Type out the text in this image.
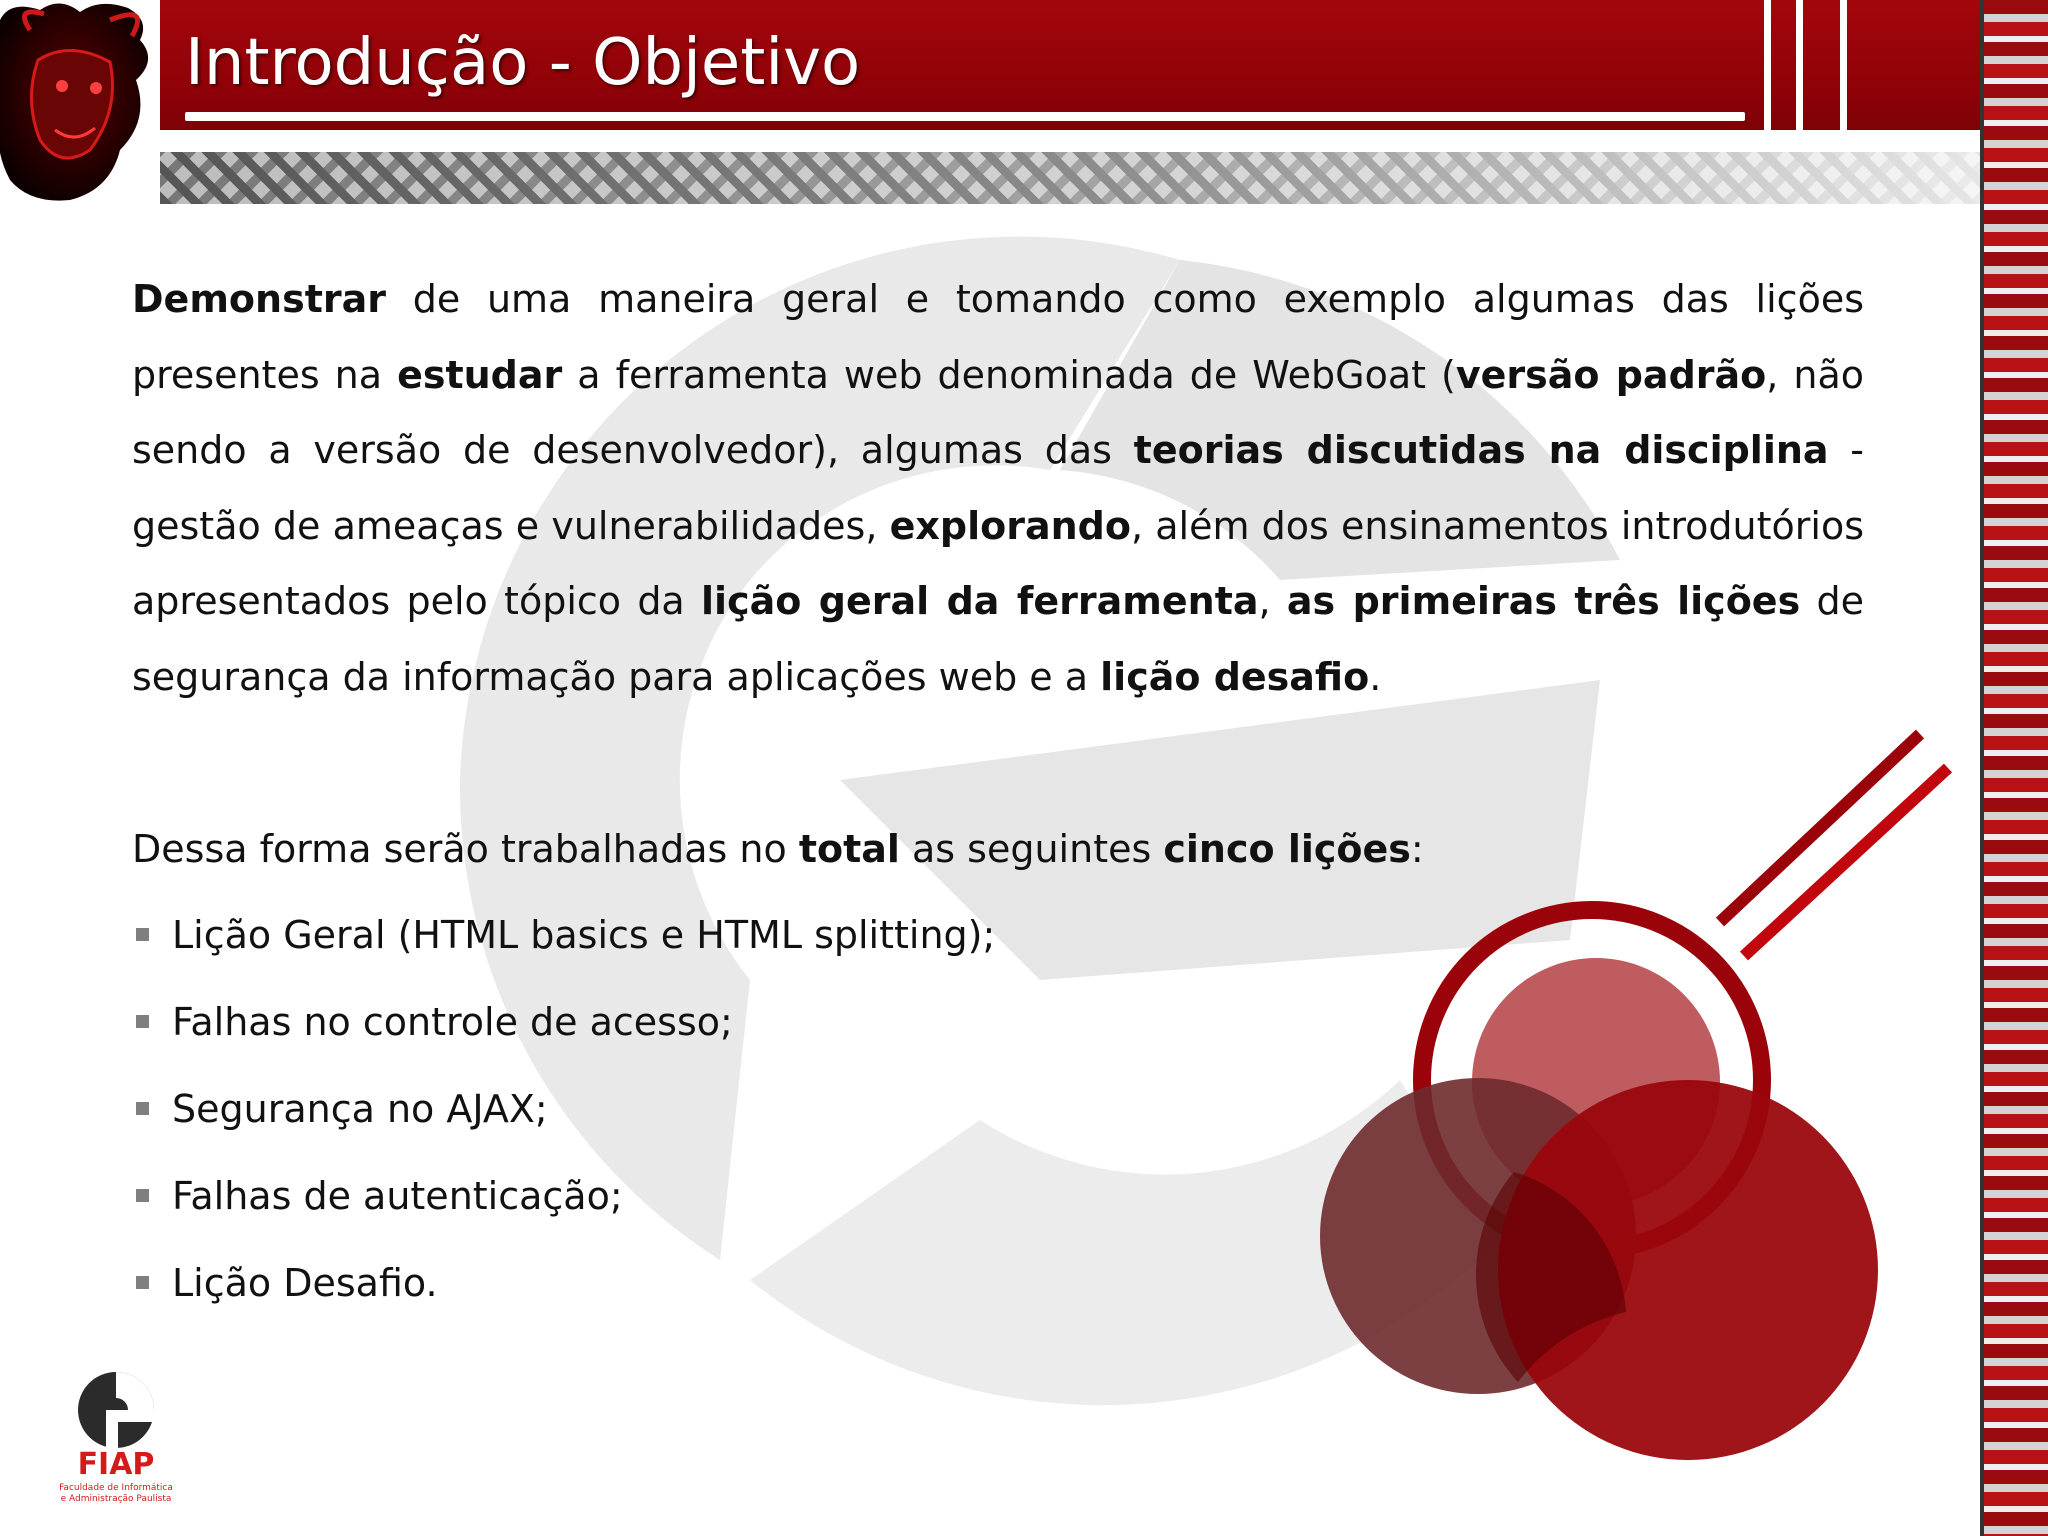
Introdução - Objetivo

Demonstrar de uma maneira geral e tomando como exemplo algumas das lições presentes na estudar a ferramenta web denominada de WebGoat (versão padrão, não sendo a versão de desenvolvedor), algumas das teorias discutidas na disciplina - gestão de ameaças e vulnerabilidades, explorando, além dos ensinamentos introdutórios apresentados pelo tópico da lição geral da ferramenta, as primeiras três lições de segurança da informação para aplicações web e a lição desafio.

Dessa forma serão trabalhadas no total as seguintes cinco lições:

Lição Geral (HTML basics e HTML splitting);
Falhas no controle de acesso;
Segurança no AJAX;
Falhas de autenticação;
Lição Desafio.
FIAP
Faculdade de Informática
e Administração Paulista
